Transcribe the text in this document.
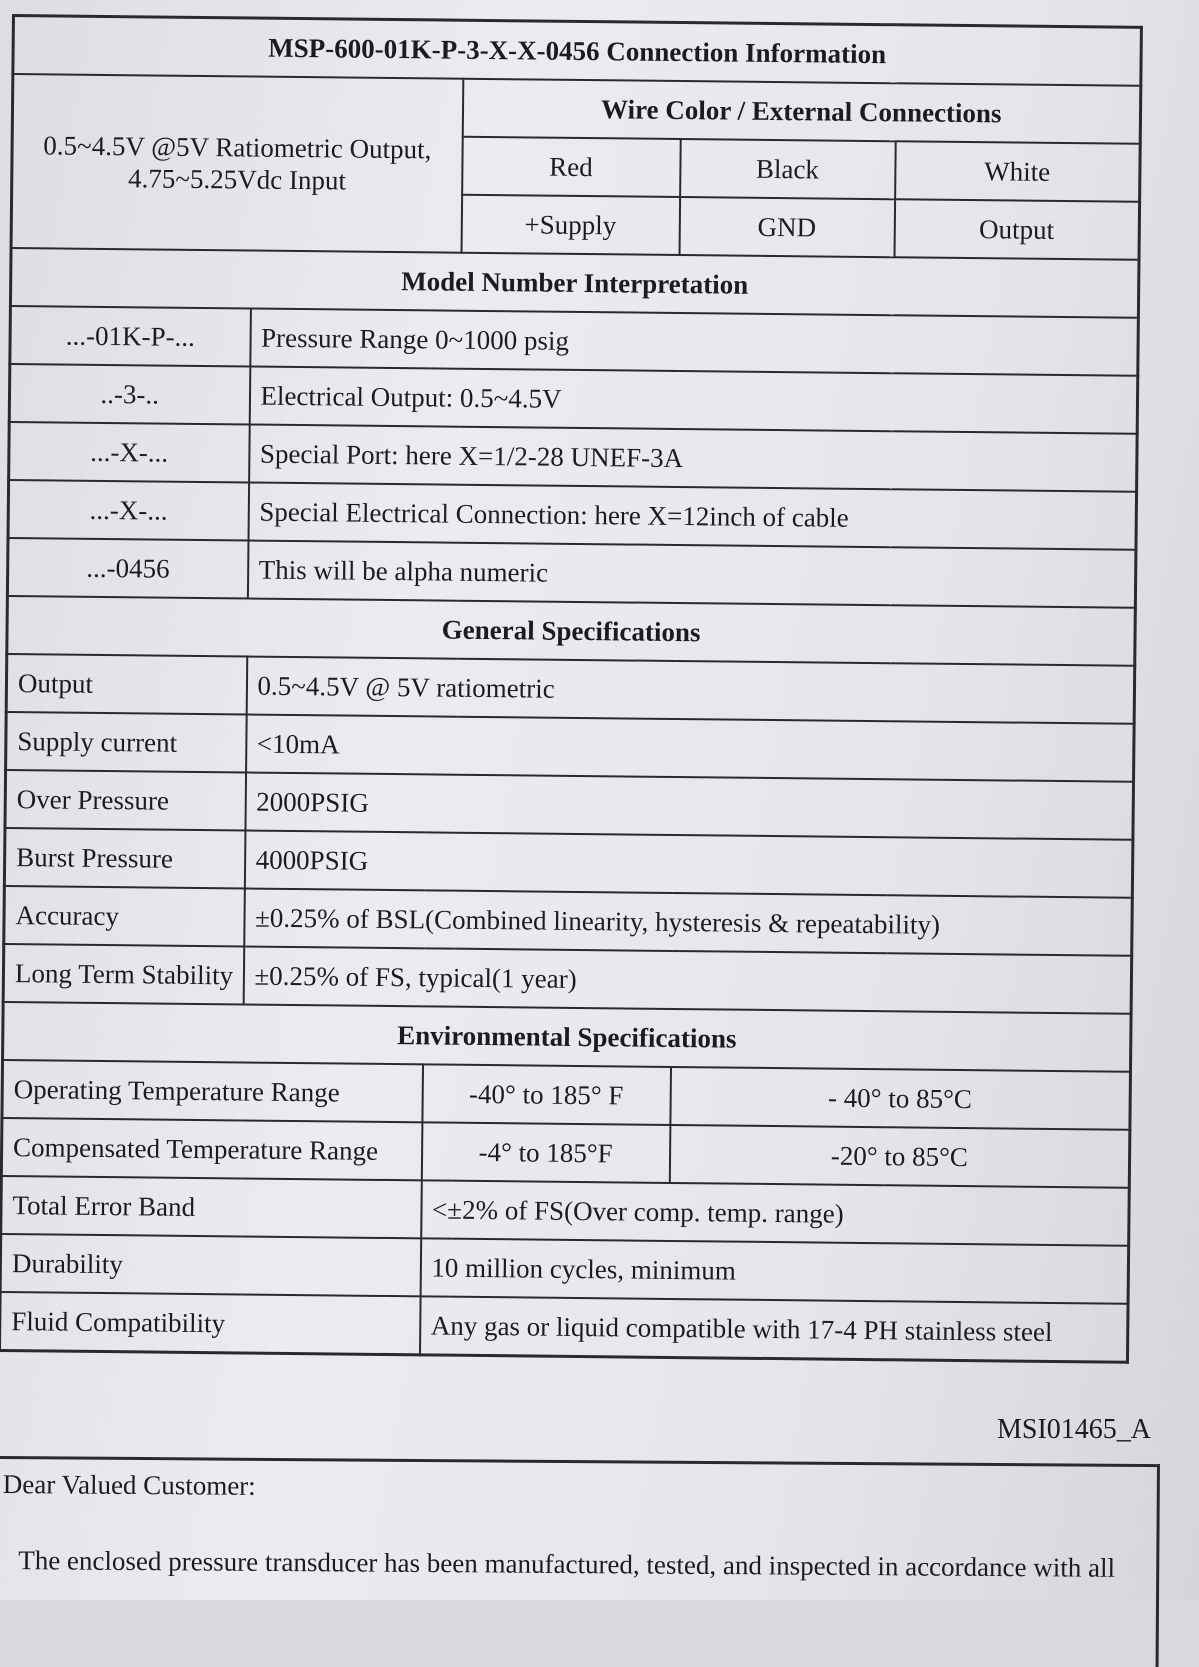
MSP-600-01K-P-3-X-X-0456 Connection Information					
0.5~4.5V @5V Ratiometric Output,
4.75~5.25Vdc Input			Wire Color / External Connections		
			Red	Black	White
			+Supply	GND	Output
Model Number Interpretation					
...-01K-P-...	Pressure Range 0~1000 psig				
..-3-..	Electrical Output: 0.5~4.5V				
...-X-...	Special Port: here X=1/2-28 UNEF-3A				
...-X-...	Special Electrical Connection: here X=12inch of cable				
...-0456	This will be alpha numeric				
General Specifications					
Output	0.5~4.5V @ 5V ratiometric				
Supply current	<10mA				
Over Pressure	2000PSIG				
Burst Pressure	4000PSIG				
Accuracy	±0.25% of BSL(Combined linearity, hysteresis & repeatability)				
Long Term Stability	±0.25% of FS, typical(1 year)				
Environmental Specifications					
Operating Temperature Range		-40° to 185° F		- 40° to 85°C	
Compensated Temperature Range		-4° to 185°F		-20° to 85°C	
Total Error Band		<±2% of FS(Over comp. temp. range)			
Durability		10 million cycles, minimum			
Fluid Compatibility		Any gas or liquid compatible with 17-4 PH stainless steel			
MSI01465_A
Dear Valued Customer:
The enclosed pressure transducer has been manufactured, tested, and inspected in accordance with all
